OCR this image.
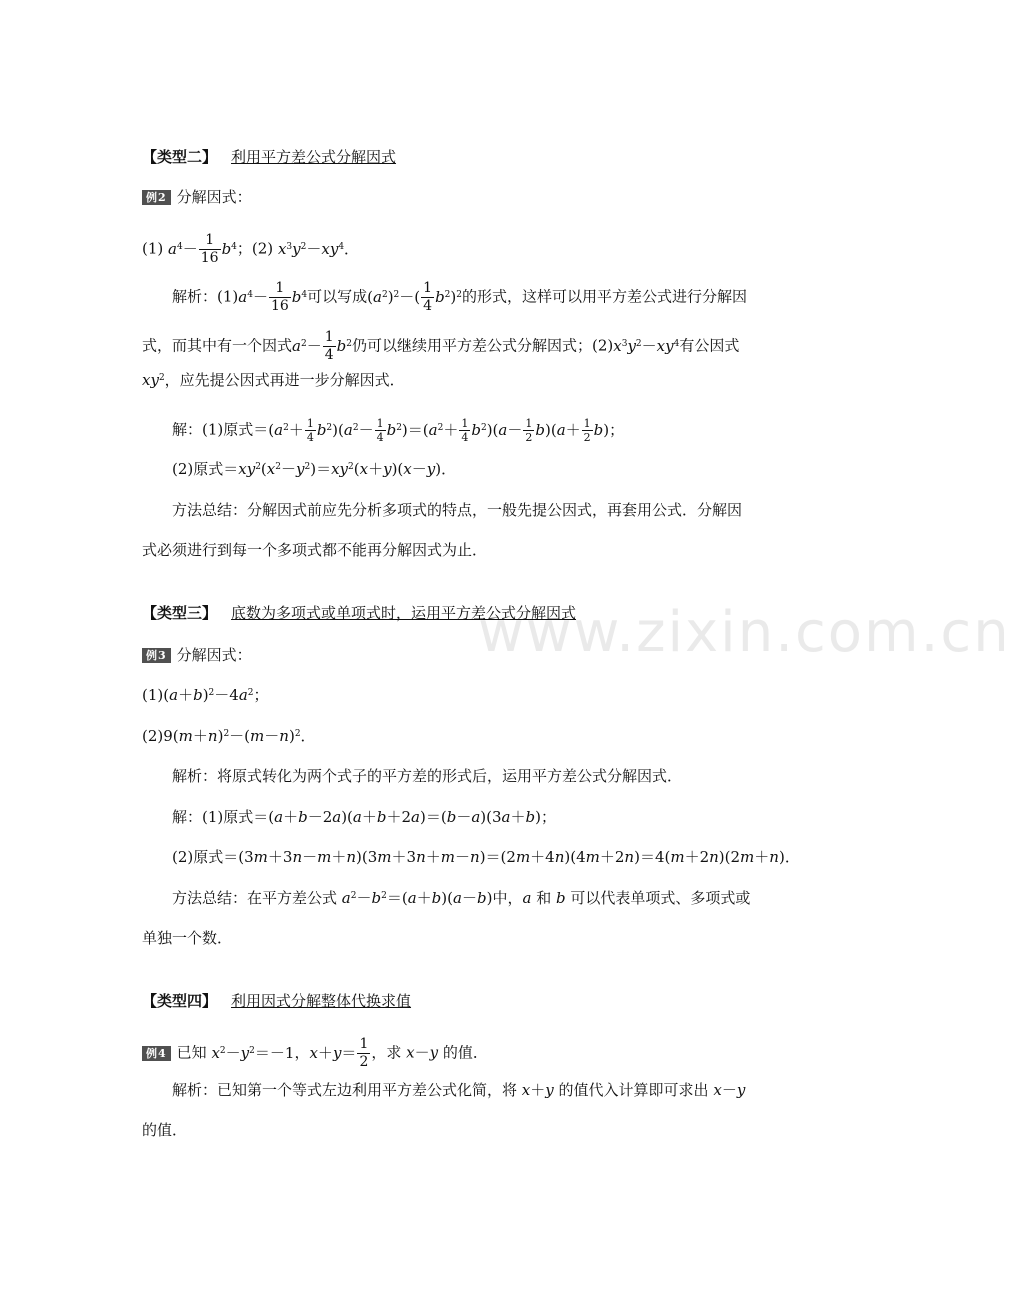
www.zixin.com.cn
【类型二】 利用平方差公式分解因式
例2 分解因式：
(1) $a^4- \frac{1}{16} b^4$；(2) $x^3y^2-xy^4$．
解析：$(1)a^4- \frac{1}{16} b^4$可以写成$(a^2)^2-( \frac{1}{4} b^2)^2$的形式，这样可以用平方差公式进行分解因
式，而其中有一个因式$a^2- \frac{1}{4} b^2$仍可以继续用平方差公式分解因式；$(2)x^3y^2-xy^4$有公因式
$xy^2$，应先提公因式再进一步分解因式．
解：(1)原式$=(a^2+ \frac{1}{4} b^2)(a^2- \frac{1}{4} b^2)=(a^2+ \frac{1}{4} b^2)(a- \frac{1}{2} b)(a+ \frac{1}{2} b)$；
(2)原式$=xy^2(x^2-y^2)=xy^2(x+y)(x-y)$．
方法总结：分解因式前应先分析多项式的特点，一般先提公因式，再套用公式．分解因
式必须进行到每一个多项式都不能再分解因式为止．
【类型三】 底数为多项式或单项式时，运用平方差公式分解因式
例3 分解因式：
$(1)(a+b)^2-4a^2$；
$(2)9(m+n)^2-(m-n)^2$．
解析：将原式转化为两个式子的平方差的形式后，运用平方差公式分解因式．
解：(1)原式＝(a＋b－2a)(a＋b＋2a)＝(b－a)(3a＋b)；
(2)原式＝(3m＋3n－m＋n)(3m＋3n＋m－n)＝(2m＋4n)(4m＋2n)＝4(m＋2n)(2m＋n)．
方法总结：在平方差公式 $a^2-b^2=(a+b)(a-b)$中，a 和 b 可以代表单项式、多项式或
单独一个数．
【类型四】 利用因式分解整体代换求值
例4 已知 $x^2-y^2=-1$，$x+y= \frac{1}{2}$ ，求 x－y 的值．
解析：已知第一个等式左边利用平方差公式化简，将 x＋y 的值代入计算即可求出 x－y
的值．
